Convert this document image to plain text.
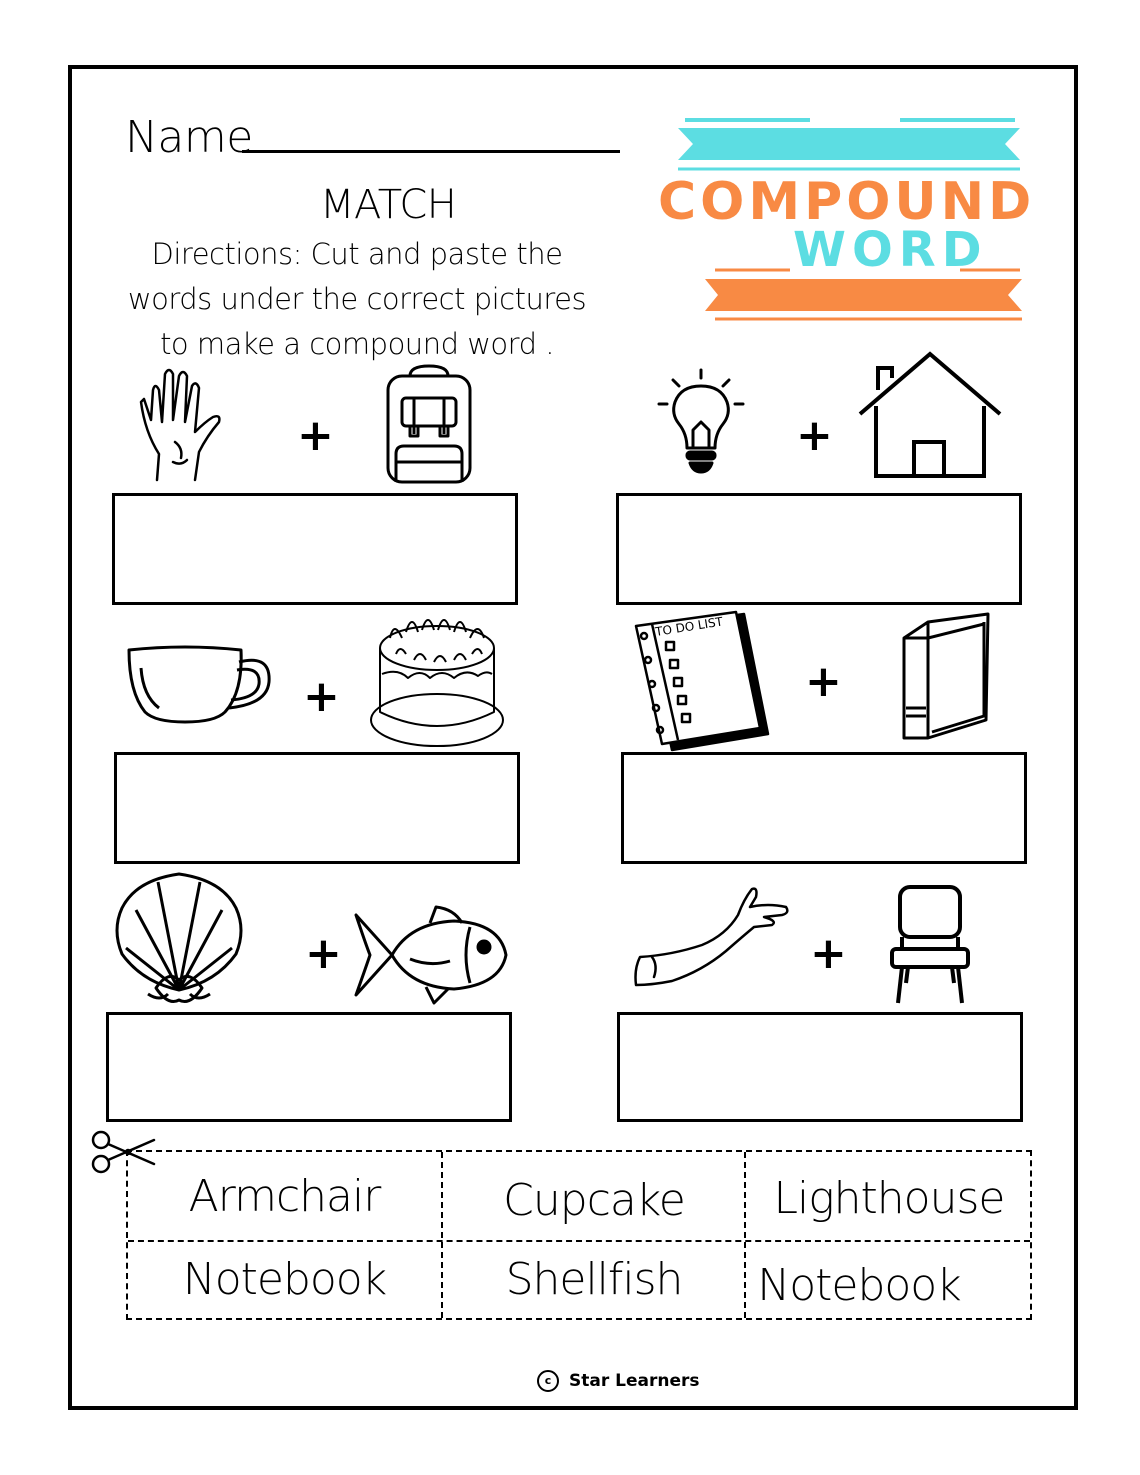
Name
MATCH
Directions: Cut and paste the words under the correct pictures to make a compound word .
COMPOUND
WORD
+	+
+
TO DO LIST
+
+	+
Armchair	Cupcake	Lighthouse
Notebook	Shellfish	Notebook
c Star Learners
